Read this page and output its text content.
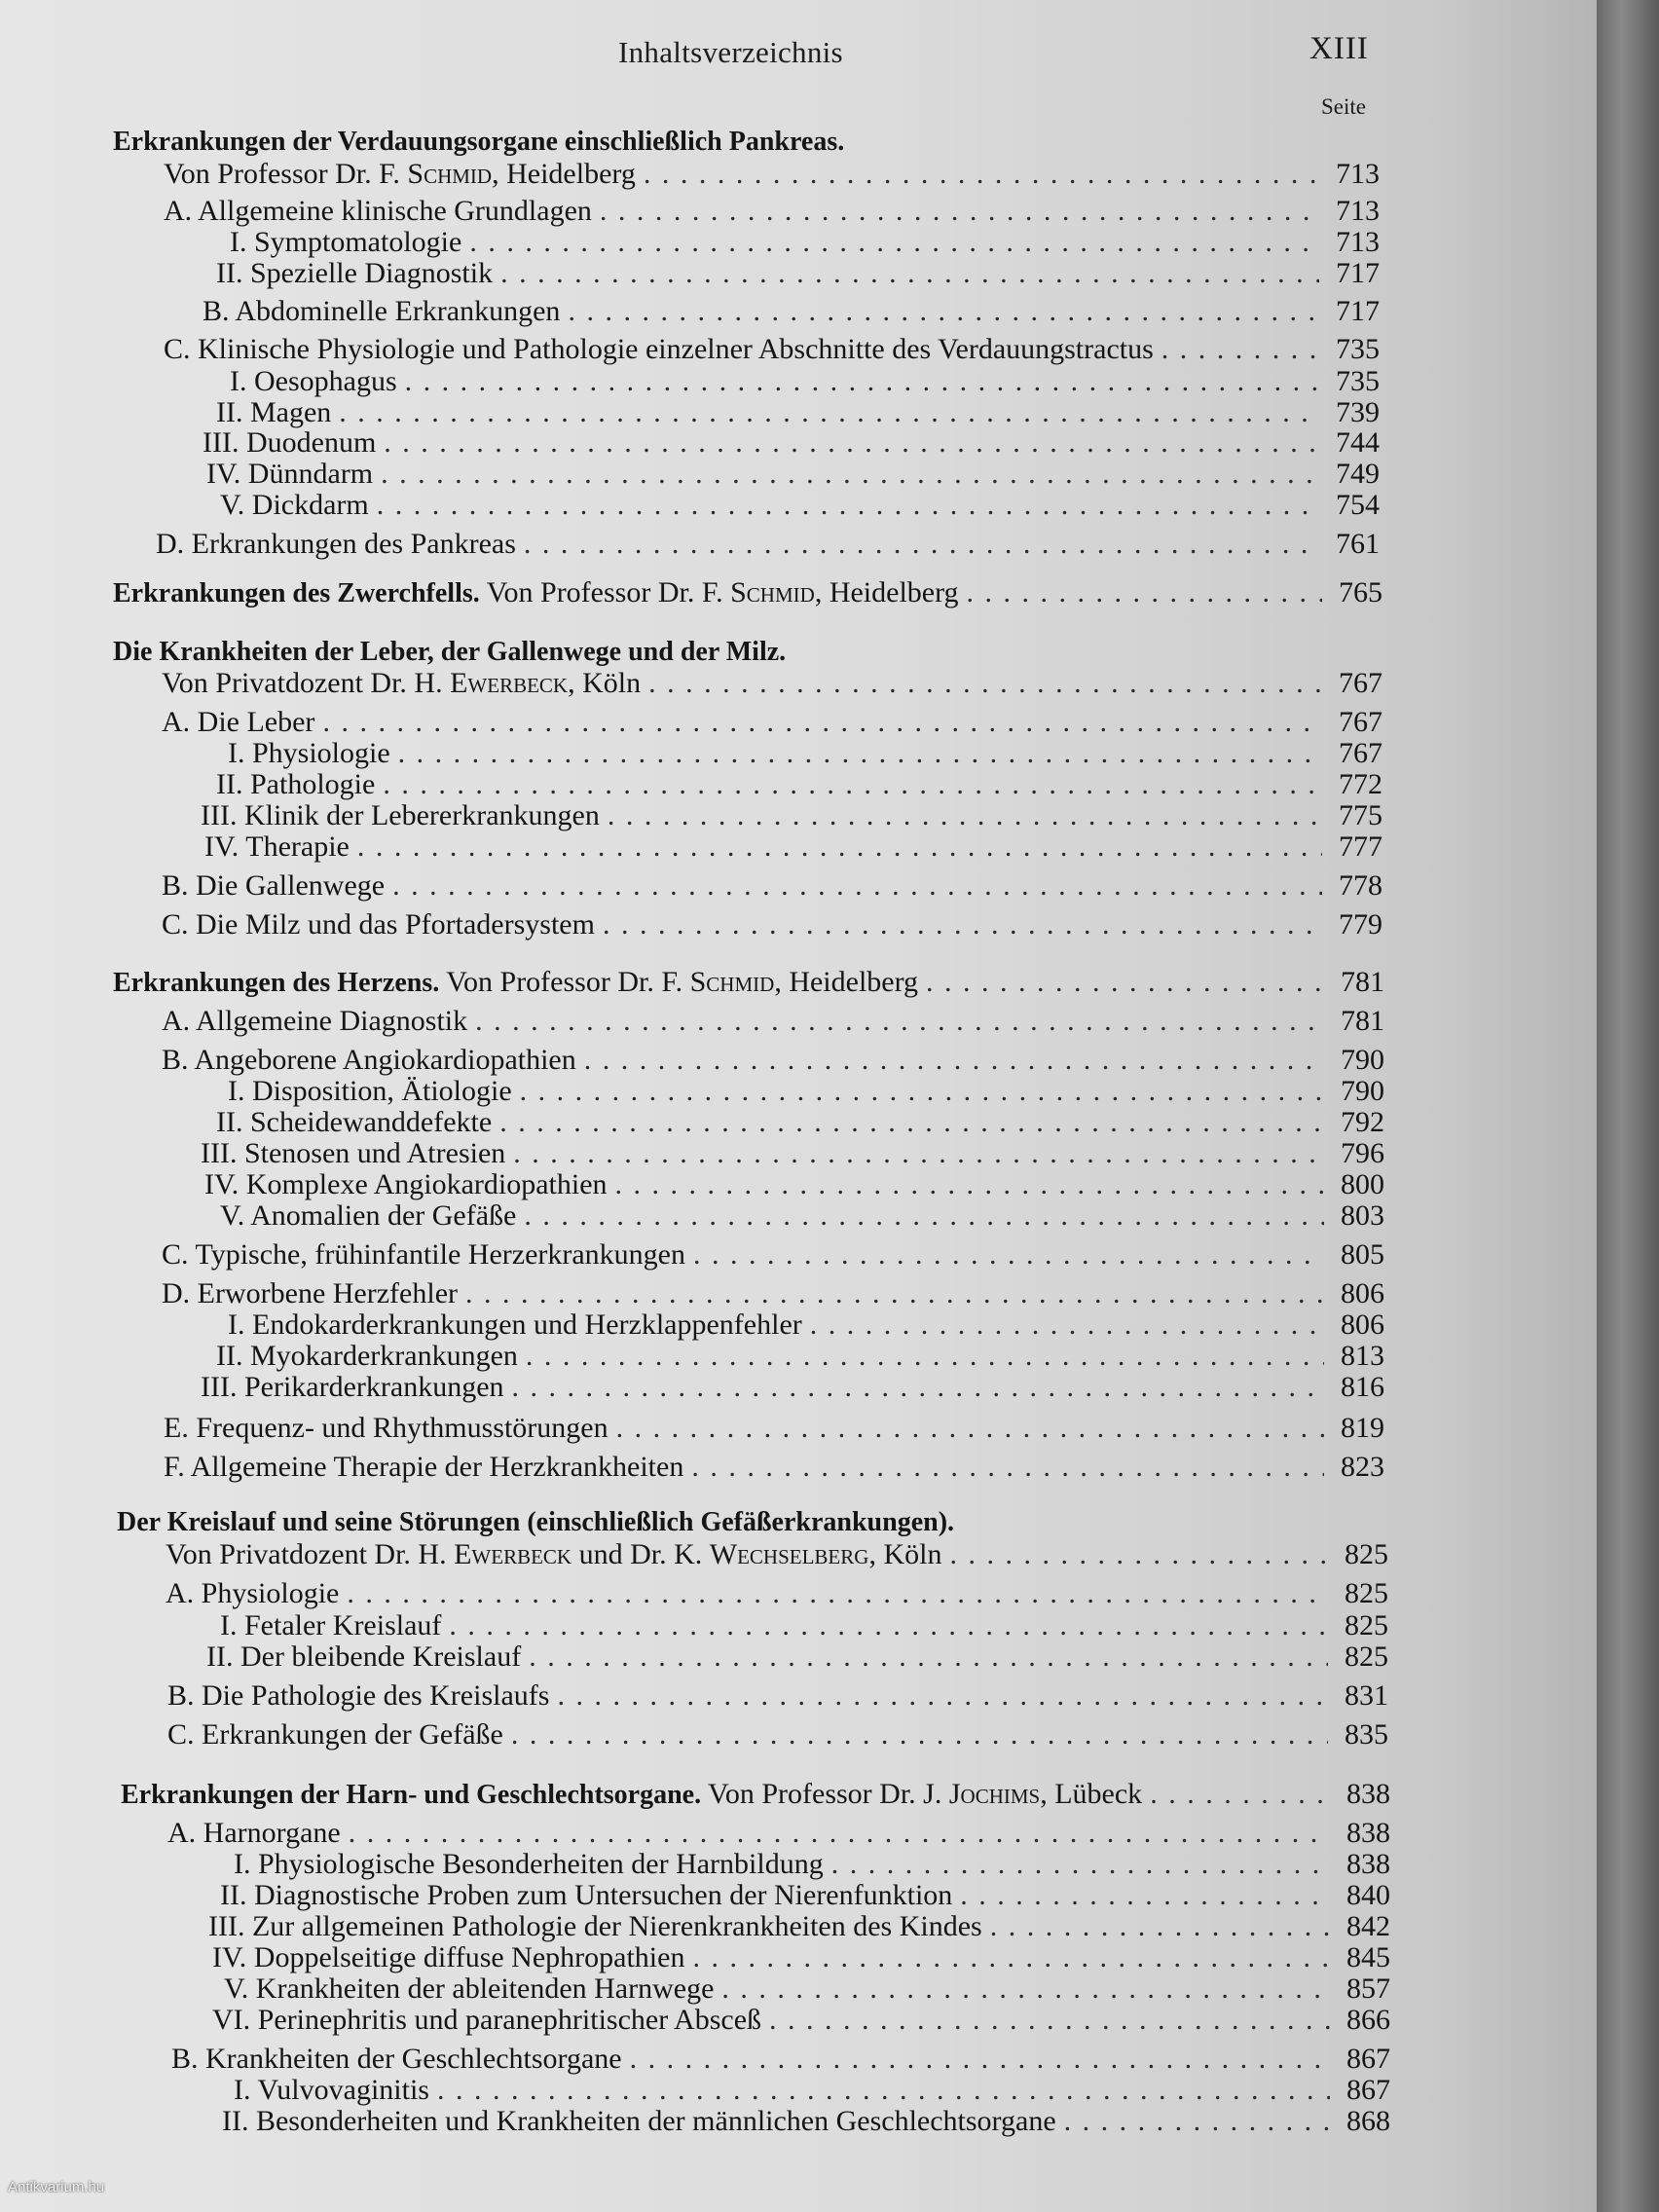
Inhaltsverzeichnis	XIII
Seite
Erkrankungen der Verdauungsorgane einschließlich Pankreas.
Von Professor Dr. F. Schmid, Heidelberg . . .	713
A. Allgemeine klinische Grundlagen . . .	713
I. Symptomatologie . . .	713
II. Spezielle Diagnostik . . .	717
B. Abdominelle Erkrankungen . . .	717
C. Klinische Physiologie und Pathologie einzelner Abschnitte des Verdauungstractus . . .	735
I. Oesophagus . . .	735
II. Magen . . .	739
III. Duodenum . . .	744
IV. Dünndarm . . .	749
V. Dickdarm . . .	754
D. Erkrankungen des Pankreas . . .	761
Erkrankungen des Zwerchfells. Von Professor Dr. F. Schmid, Heidelberg . . .	765
Die Krankheiten der Leber, der Gallenwege und der Milz.
Von Privatdozent Dr. H. Ewerbeck, Köln . . .	767
A. Die Leber . . .	767
I. Physiologie . . .	767
II. Pathologie . . .	772
III. Klinik der Lebererkrankungen . . .	775
IV. Therapie . . .	777
B. Die Gallenwege . . .	778
C. Die Milz und das Pfortadersystem . . .	779
Erkrankungen des Herzens. Von Professor Dr. F. Schmid, Heidelberg . . .	781
A. Allgemeine Diagnostik . . .	781
B. Angeborene Angiokardiopathien . . .	790
I. Disposition, Ätiologie . . .	790
II. Scheidewanddefekte . . .	792
III. Stenosen und Atresien . . .	796
IV. Komplexe Angiokardiopathien . . .	800
V. Anomalien der Gefäße . . .	803
C. Typische, frühinfantile Herzerkrankungen . . .	805
D. Erworbene Herzfehler . . .	806
I. Endokarderkrankungen und Herzklappenfehler . . .	806
II. Myokarderkrankungen . . .	813
III. Perikarderkrankungen . . .	816
E. Frequenz- und Rhythmusstörungen . . .	819
F. Allgemeine Therapie der Herzkrankheiten . . .	823
Der Kreislauf und seine Störungen (einschließlich Gefäßerkrankungen).
Von Privatdozent Dr. H. Ewerbeck und Dr. K. Wechselberg, Köln . . .	825
A. Physiologie . . .	825
I. Fetaler Kreislauf . . .	825
II. Der bleibende Kreislauf . . .	825
B. Die Pathologie des Kreislaufs . . .	831
C. Erkrankungen der Gefäße . . .	835
Erkrankungen der Harn- und Geschlechtsorgane. Von Professor Dr. J. Jochims, Lübeck . . .	838
A. Harnorgane . . .	838
I. Physiologische Besonderheiten der Harnbildung . . .	838
II. Diagnostische Proben zum Untersuchen der Nierenfunktion . . .	840
III. Zur allgemeinen Pathologie der Nierenkrankheiten des Kindes . . .	842
IV. Doppelseitige diffuse Nephropathien . . .	845
V. Krankheiten der ableitenden Harnwege . . .	857
VI. Perinephritis und paranephritischer Absceß . . .	866
B. Krankheiten der Geschlechtsorgane . . .	867
I. Vulvovaginitis . . .	867
II. Besonderheiten und Krankheiten der männlichen Geschlechtsorgane . . .	868
Antikvarium.hu
